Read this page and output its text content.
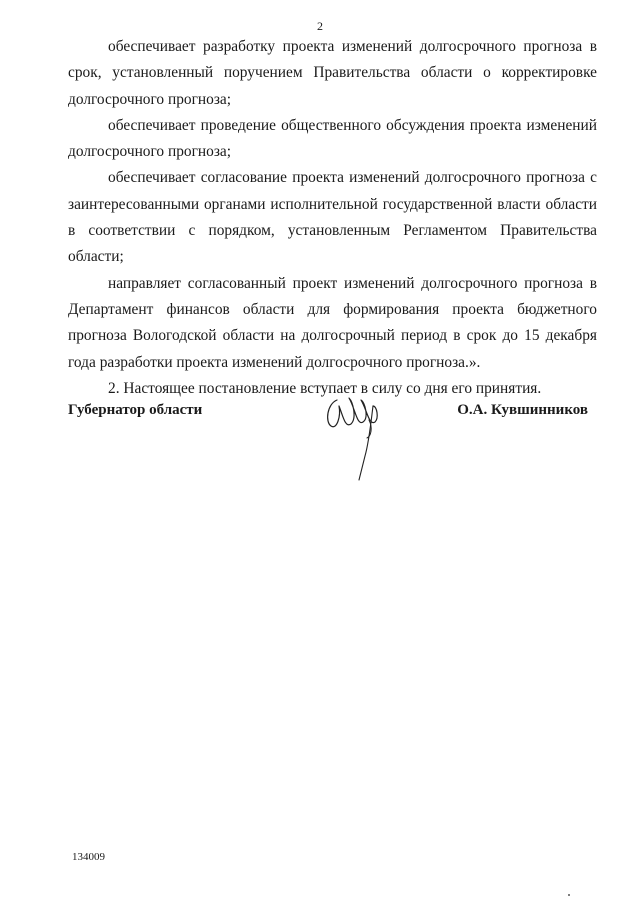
2

обеспечивает разработку проекта изменений долгосрочного прогноза в срок, установленный поручением Правительства области о корректировке долгосрочного прогноза;

обеспечивает проведение общественного обсуждения проекта изменений долгосрочного прогноза;

обеспечивает согласование проекта изменений долгосрочного прогноза с заинтересованными органами исполнительной государственной власти области в соответствии с порядком, установленным Регламентом Правительства области;

направляет согласованный проект изменений долгосрочного прогноза в Департамент финансов области для формирования проекта бюджетного прогноза Вологодской области на долгосрочный период в срок до 15 декабря года разработки проекта изменений долгосрочного прогноза.».

2. Настоящее постановление вступает в силу со дня его принятия.

Губернатор области	О.А. Кувшинников
134009
